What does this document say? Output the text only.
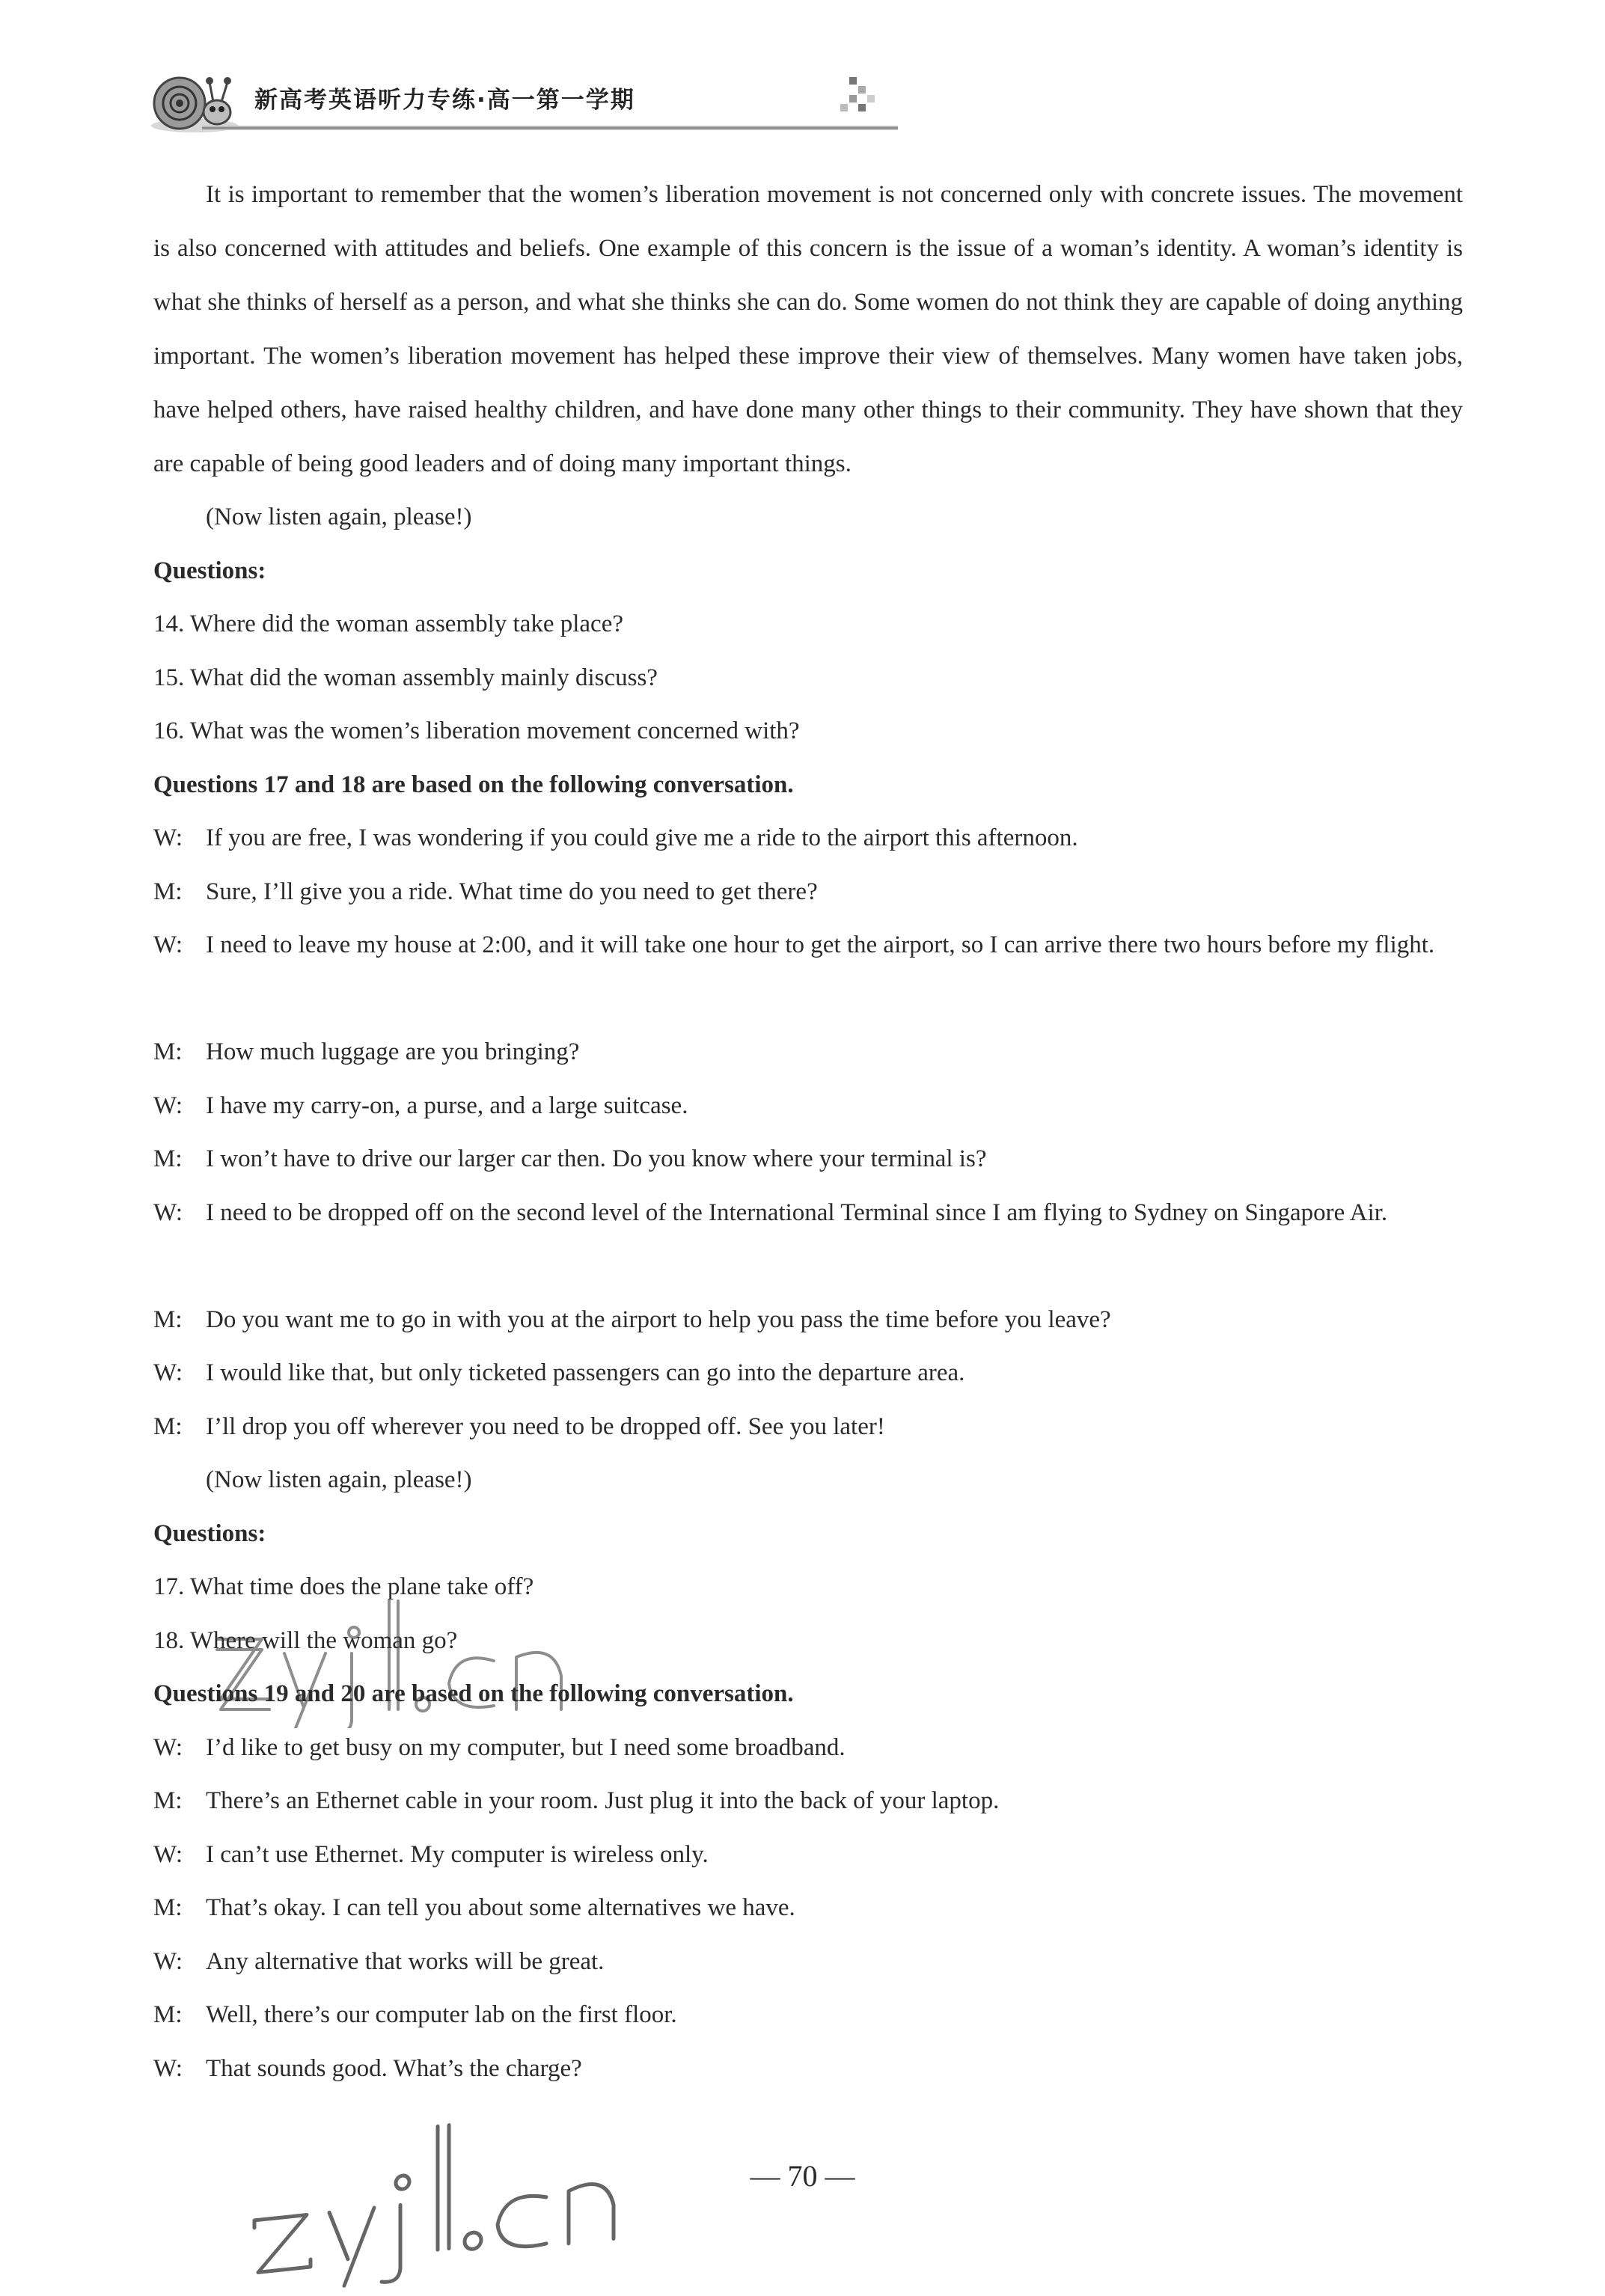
新高考英语听力专练·高一第一学期

It is important to remember that the women’s liberation movement is not concerned only with concrete issues. The movement is also concerned with attitudes and beliefs. One example of this concern is the issue of a woman’s identity. A woman’s identity is what she thinks of herself as a person, and what she thinks she can do. Some women do not think they are capable of doing anything important. The women’s liberation movement has helped these improve their view of themselves. Many women have taken jobs, have helped others, have raised healthy children, and have done many other things to their community. They have shown that they are capable of being good leaders and of doing many important things.

(Now listen again, please!)
Questions:
14. Where did the woman assembly take place?
15. What did the woman assembly mainly discuss?
16. What was the women’s liberation movement concerned with?
Questions 17 and 18 are based on the following conversation.
W: If you are free, I was wondering if you could give me a ride to the airport this afternoon.
M: Sure, I’ll give you a ride. What time do you need to get there?
W: I need to leave my house at 2:00, and it will take one hour to get the airport, so I can arrive there two hours before my flight.
M: How much luggage are you bringing?
W: I have my carry-on, a purse, and a large suitcase.
M: I won’t have to drive our larger car then. Do you know where your terminal is?
W: I need to be dropped off on the second level of the International Terminal since I am flying to Sydney on Singapore Air.
M: Do you want me to go in with you at the airport to help you pass the time before you leave?
W: I would like that, but only ticketed passengers can go into the departure area.
M: I’ll drop you off wherever you need to be dropped off. See you later!
(Now listen again, please!)
Questions:
17. What time does the plane take off?
18. Where will the woman go?
Questions 19 and 20 are based on the following conversation.
W: I’d like to get busy on my computer, but I need some broadband.
M: There’s an Ethernet cable in your room. Just plug it into the back of your laptop.
W: I can’t use Ethernet. My computer is wireless only.
M: That’s okay. I can tell you about some alternatives we have.
W: Any alternative that works will be great.
M: Well, there’s our computer lab on the first floor.
W: That sounds good. What’s the charge?
— 70 —
